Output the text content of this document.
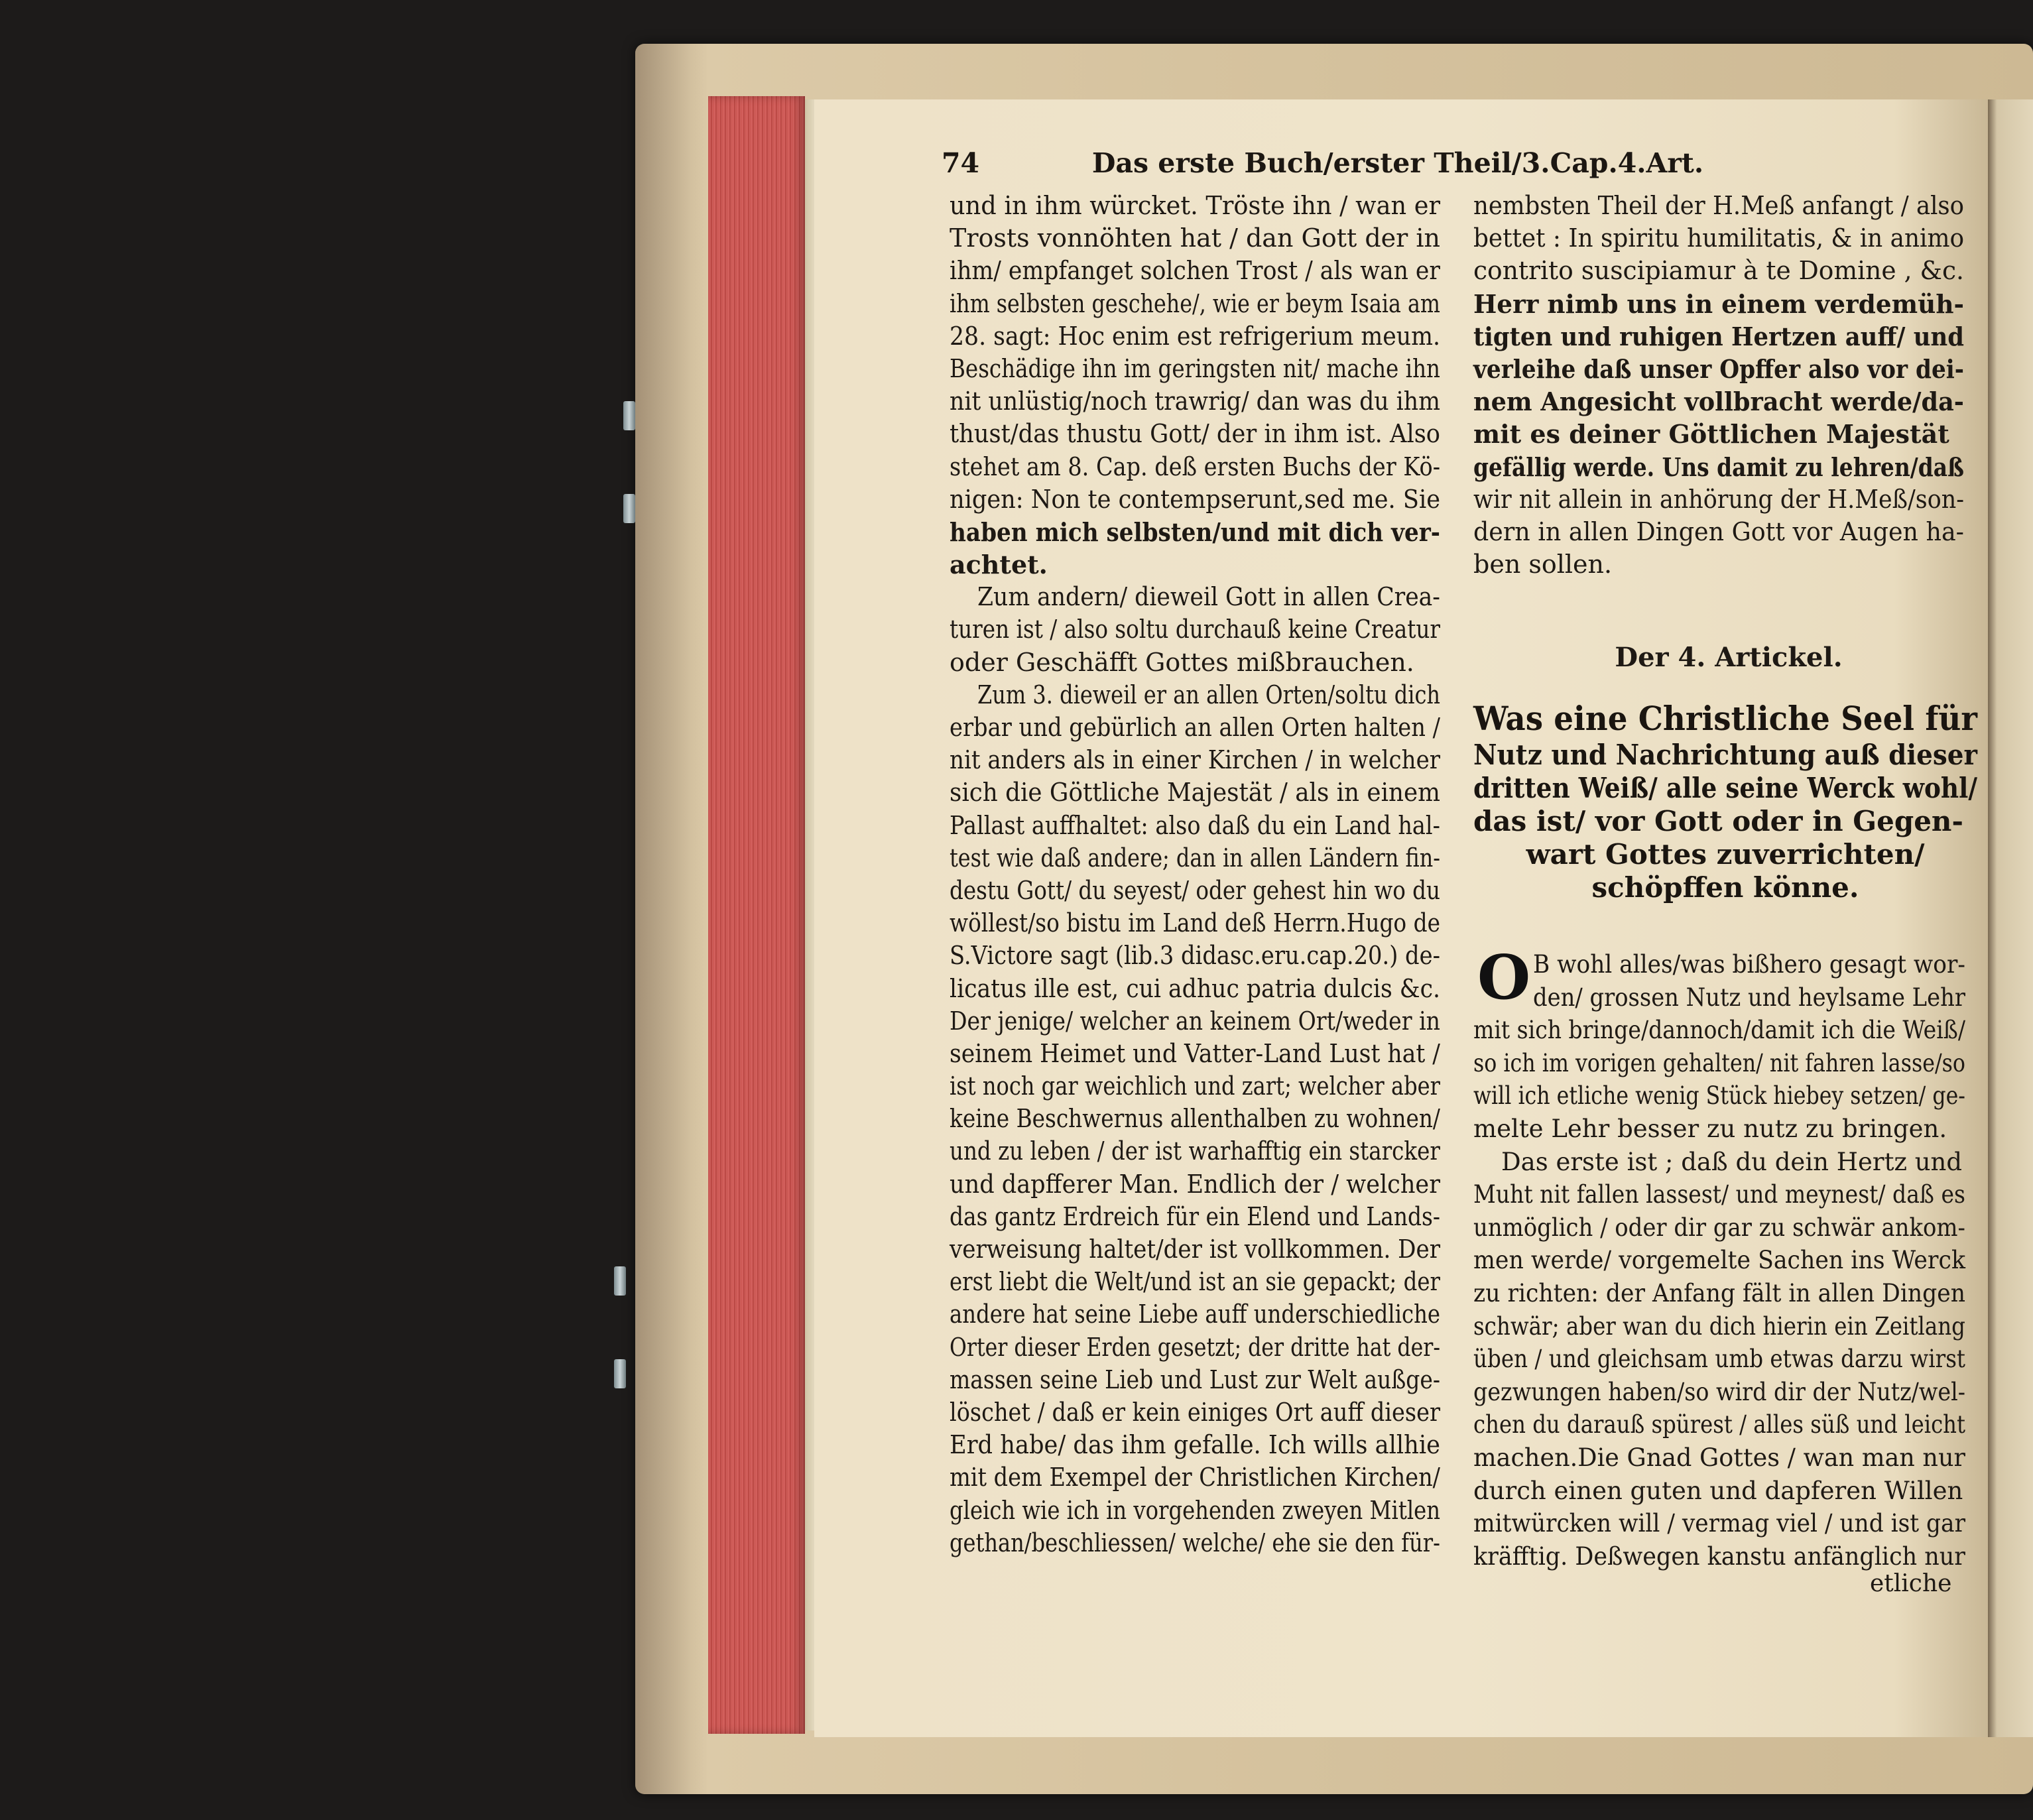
74	Das erste Buch/erster Theil/3.Cap.4.Art.
und in ihm würcket. Tröste ihn / wan er
Trosts vonnöhten hat / dan Gott der in
ihm/ empfanget solchen Trost / als wan er
ihm selbsten geschehe/, wie er beym Isaia am
28. sagt: Hoc enim est refrigerium meum.
Beschädige ihn im geringsten nit/ mache ihn
nit unlüstig/noch trawrig/ dan was du ihm
thust/das thustu Gott/ der in ihm ist. Also
stehet am 8. Cap. deß ersten Buchs der Kö-
nigen: Non te contempserunt,sed me. Sie
haben mich selbsten/und mit dich ver-
achtet.
Zum andern/ dieweil Gott in allen Crea-
turen ist / also soltu durchauß keine Creatur
oder Geschäfft Gottes mißbrauchen.
Zum 3. dieweil er an allen Orten/soltu dich
erbar und gebürlich an allen Orten halten /
nit anders als in einer Kirchen / in welcher
sich die Göttliche Majestät / als in einem
Pallast auffhaltet: also daß du ein Land hal-
test wie daß andere; dan in allen Ländern fin-
destu Gott/ du seyest/ oder gehest hin wo du
wöllest/so bistu im Land deß Herrn.Hugo de
S.Victore sagt (lib.3 didasc.eru.cap.20.) de-
licatus ille est, cui adhuc patria dulcis &c.
Der jenige/ welcher an keinem Ort/weder in
seinem Heimet und Vatter-Land Lust hat /
ist noch gar weichlich und zart; welcher aber
keine Beschwernus allenthalben zu wohnen/
und zu leben / der ist warhafftig ein starcker
und dapfferer Man. Endlich der / welcher
das gantz Erdreich für ein Elend und Lands-
verweisung haltet/der ist vollkommen. Der
erst liebt die Welt/und ist an sie gepackt; der
andere hat seine Liebe auff underschiedliche
Orter dieser Erden gesetzt; der dritte hat der-
massen seine Lieb und Lust zur Welt außge-
löschet / daß er kein einiges Ort auff dieser
Erd habe/ das ihm gefalle. Ich wills allhie
mit dem Exempel der Christlichen Kirchen/
gleich wie ich in vorgehenden zweyen Mitlen
gethan/beschliessen/ welche/ ehe sie den für-
nembsten Theil der H.Meß anfangt / also
bettet : In spiritu humilitatis, & in animo
contrito suscipiamur à te Domine , &c.
Herr nimb uns in einem verdemüh-
tigten und ruhigen Hertzen auff/ und
verleihe daß unser Opffer also vor dei-
nem Angesicht vollbracht werde/da-
mit es deiner Göttlichen Majestät
gefällig werde. Uns damit zu lehren/daß
wir nit allein in anhörung der H.Meß/son-
dern in allen Dingen Gott vor Augen ha-
ben sollen.
Der 4. Artickel.
Was eine Christliche Seel für
Nutz und Nachrichtung auß dieser
dritten Weiß/ alle seine Werck wohl/
das ist/ vor Gott oder in Gegen-
wart Gottes zuverrichten/
schöpffen könne.
O B wohl alles/was bißhero gesagt wor-
den/ grossen Nutz und heylsame Lehr
mit sich bringe/dannoch/damit ich die Weiß/
so ich im vorigen gehalten/ nit fahren lasse/so
will ich etliche wenig Stück hiebey setzen/ ge-
melte Lehr besser zu nutz zu bringen.
Das erste ist ; daß du dein Hertz und
Muht nit fallen lassest/ und meynest/ daß es
unmöglich / oder dir gar zu schwär ankom-
men werde/ vorgemelte Sachen ins Werck
zu richten: der Anfang fält in allen Dingen
schwär; aber wan du dich hierin ein Zeitlang
üben / und gleichsam umb etwas darzu wirst
gezwungen haben/so wird dir der Nutz/wel-
chen du darauß spürest / alles süß und leicht
machen.Die Gnad Gottes / wan man nur
durch einen guten und dapferen Willen
mitwürcken will / vermag viel / und ist gar
kräfftig. Deßwegen kanstu anfänglich nur
etliche
